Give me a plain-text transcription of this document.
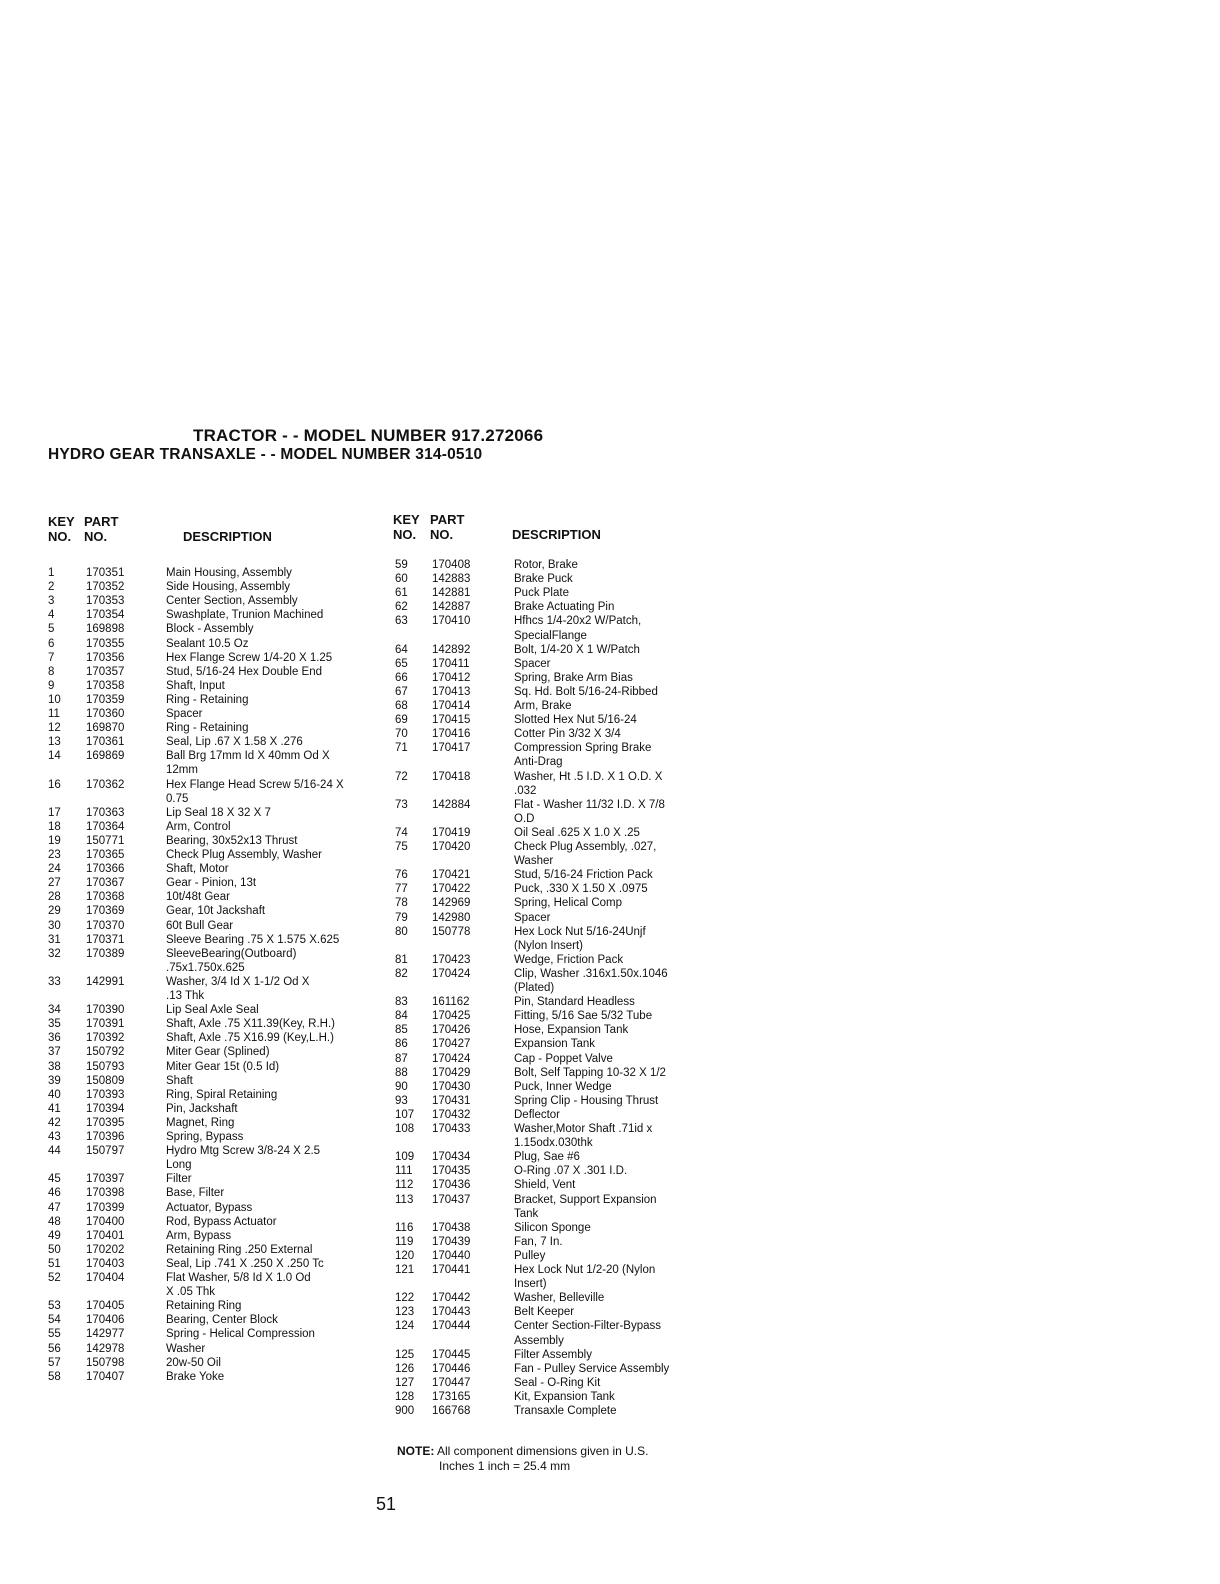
TRACTOR - - MODEL NUMBER 917.272066
HYDRO GEAR TRANSAXLE - - MODEL NUMBER 314-0510
KEY
NO.
PART
NO.	DESCRIPTION
KEY
NO.
PART
NO.	DESCRIPTION
1	170351	Main Housing, Assembly
2	170352	Side Housing, Assembly
3	170353	Center Section, Assembly
4	170354	Swashplate, Trunion Machined
5	169898	Block - Assembly
6	170355	Sealant 10.5 Oz
7	170356	Hex Flange Screw 1/4-20 X 1.25
8	170357	Stud, 5/16-24 Hex Double End
9	170358	Shaft, Input
10 170359	Ring - Retaining
11 170360	Spacer
12 169870	Ring - Retaining
13 170361	Seal, Lip .67 X 1.58 X .276
14 169869	Ball Brg 17mm Id X 40mm Od X
12mm
16 170362	Hex Flange Head Screw 5/16-24 X
0.75
17 170363	Lip Seal 18 X 32 X 7
18 170364	Arm, Control
19 150771	Bearing, 30x52x13 Thrust
23 170365	Check Plug Assembly, Washer
24 170366	Shaft, Motor
27 170367	Gear - Pinion, 13t
28 170368	10t/48t Gear
29 170369	Gear, 10t Jackshaft
30 170370	60t Bull Gear
31 170371	Sleeve Bearing .75 X 1.575 X.625
32 170389	SleeveBearing(Outboard)
.75x1.750x.625
33 142991	Washer, 3/4 Id X 1-1/2 Od X
.13 Thk
34 170390	Lip Seal Axle Seal
35 170391	Shaft, Axle .75 X11.39(Key, R.H.)
36 170392	Shaft, Axle .75 X16.99 (Key,L.H.)
37 150792	Miter Gear (Splined)
38 150793	Miter Gear 15t (0.5 Id)
39 150809	Shaft
40 170393	Ring, Spiral Retaining
41 170394	Pin, Jackshaft
42 170395	Magnet, Ring
43 170396	Spring, Bypass
44 150797	Hydro Mtg Screw 3/8-24 X 2.5
Long
45 170397	Filter
46 170398	Base, Filter
47 170399	Actuator, Bypass
48 170400	Rod, Bypass Actuator
49 170401	Arm, Bypass
50 170202	Retaining Ring .250 External
51 170403	Seal, Lip .741 X .250 X .250 Tc
52 170404	Flat Washer, 5/8 Id X 1.0 Od
X .05 Thk
53 170405	Retaining Ring
54 170406	Bearing, Center Block
55 142977	Spring - Helical Compression
56 142978	Washer
57 150798	20w-50 Oil
58 170407	Brake Yoke
59 170408	Rotor, Brake
60 142883	Brake Puck
61 142881	Puck Plate
62 142887	Brake Actuating Pin
63 170410	Hfhcs 1/4-20x2 W/Patch,
SpecialFlange
64 142892	Bolt, 1/4-20 X 1 W/Patch
65 170411	Spacer
66 170412	Spring, Brake Arm Bias
67 170413	Sq. Hd. Bolt 5/16-24-Ribbed
68 170414	Arm, Brake
69 170415	Slotted Hex Nut 5/16-24
70 170416	Cotter Pin 3/32 X 3/4
71 170417	Compression Spring Brake
Anti-Drag
72 170418	Washer, Ht .5 I.D. X 1 O.D. X
.032
73 142884	Flat - Washer 11/32 I.D. X 7/8
O.D
74 170419	Oil Seal .625 X 1.0 X .25
75 170420	Check Plug Assembly, .027,
Washer
76 170421	Stud, 5/16-24 Friction Pack
77 170422	Puck, .330 X 1.50 X .0975
78 142969	Spring, Helical Comp
79 142980	Spacer
80 150778	Hex Lock Nut 5/16-24Unjf
(Nylon Insert)
81 170423	Wedge, Friction Pack
82 170424	Clip, Washer .316x1.50x.1046
(Plated)
83 161162	Pin, Standard Headless
84 170425	Fitting, 5/16 Sae 5/32 Tube
85 170426	Hose, Expansion Tank
86 170427	Expansion Tank
87 170424	Cap - Poppet Valve
88 170429	Bolt, Self Tapping 10-32 X 1/2
90 170430	Puck, Inner Wedge
93 170431	Spring Clip - Housing Thrust
107 170432	Deflector
108 170433	Washer,Motor Shaft .71id x
1.15odx.030thk
109 170434	Plug, Sae #6
111 170435	O-Ring .07 X .301 I.D.
112 170436	Shield, Vent
113 170437	Bracket, Support Expansion
Tank
116 170438	Silicon Sponge
119 170439	Fan, 7 In.
120 170440	Pulley
121 170441	Hex Lock Nut 1/2-20 (Nylon
Insert)
122 170442	Washer, Belleville
123 170443	Belt Keeper
124 170444	Center Section-Filter-Bypass
Assembly
125 170445	Filter Assembly
126 170446	Fan - Pulley Service Assembly
127 170447	Seal - O-Ring Kit
128 173165	Kit, Expansion Tank
900 166768	Transaxle Complete
NOTE: All component dimensions given in U.S.
Inches 1 inch = 25.4 mm
51
